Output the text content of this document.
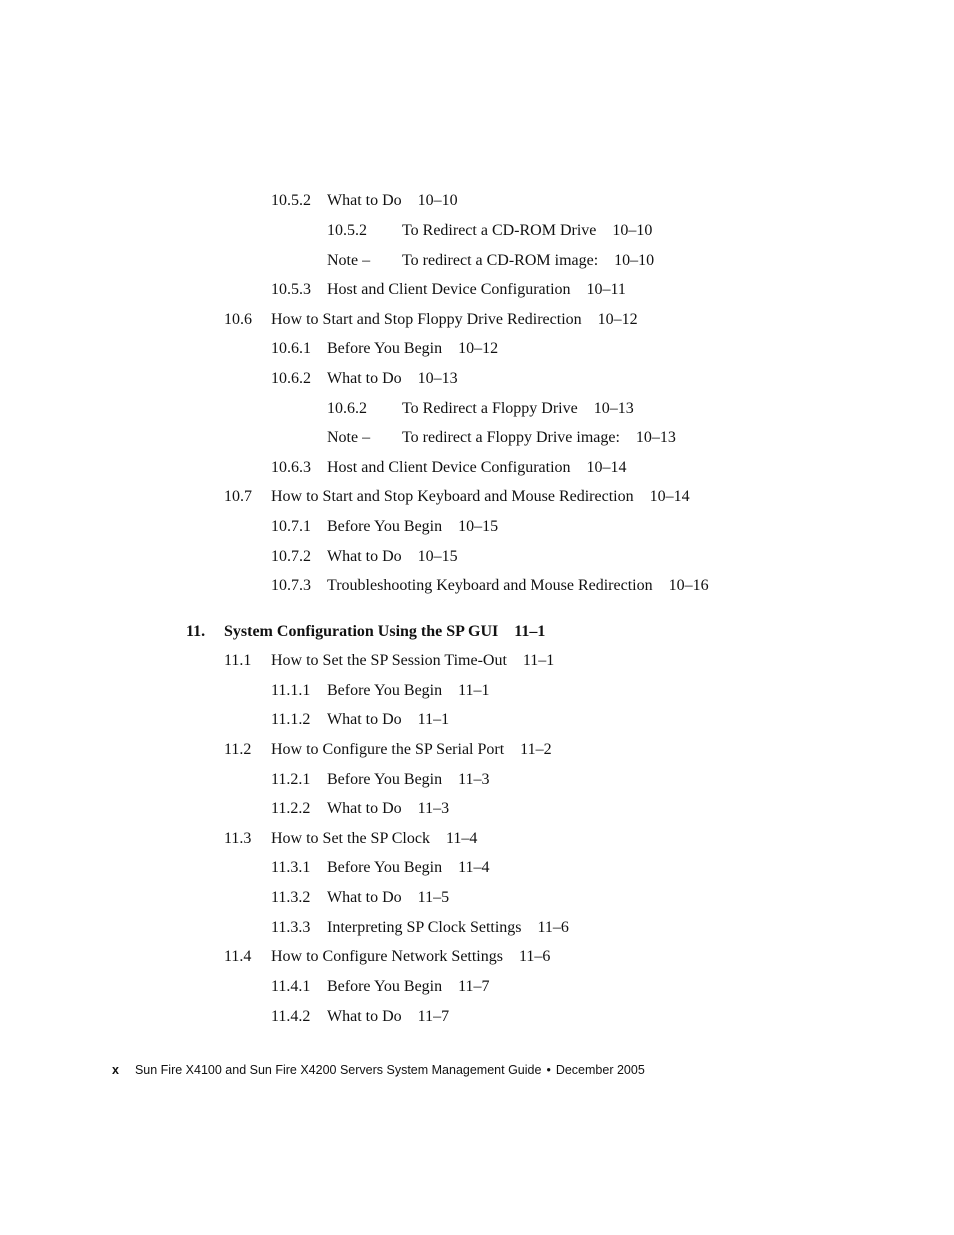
10.5.2 What to Do 10–10
10.5.2 To Redirect a CD-ROM Drive 10–10
Note – To redirect a CD-ROM image: 10–10
10.5.3 Host and Client Device Configuration 10–11
10.6 How to Start and Stop Floppy Drive Redirection 10–12
10.6.1 Before You Begin 10–12
10.6.2 What to Do 10–13
10.6.2 To Redirect a Floppy Drive 10–13
Note – To redirect a Floppy Drive image: 10–13
10.6.3 Host and Client Device Configuration 10–14
10.7 How to Start and Stop Keyboard and Mouse Redirection 10–14
10.7.1 Before You Begin 10–15
10.7.2 What to Do 10–15
10.7.3 Troubleshooting Keyboard and Mouse Redirection 10–16
11. System Configuration Using the SP GUI 11–1
11.1 How to Set the SP Session Time-Out 11–1
11.1.1 Before You Begin 11–1
11.1.2 What to Do 11–1
11.2 How to Configure the SP Serial Port 11–2
11.2.1 Before You Begin 11–3
11.2.2 What to Do 11–3
11.3 How to Set the SP Clock 11–4
11.3.1 Before You Begin 11–4
11.3.2 What to Do 11–5
11.3.3 Interpreting SP Clock Settings 11–6
11.4 How to Configure Network Settings 11–6
11.4.1 Before You Begin 11–7
11.4.2 What to Do 11–7
x Sun Fire X4100 and Sun Fire X4200 Servers System Management Guide • December 2005
